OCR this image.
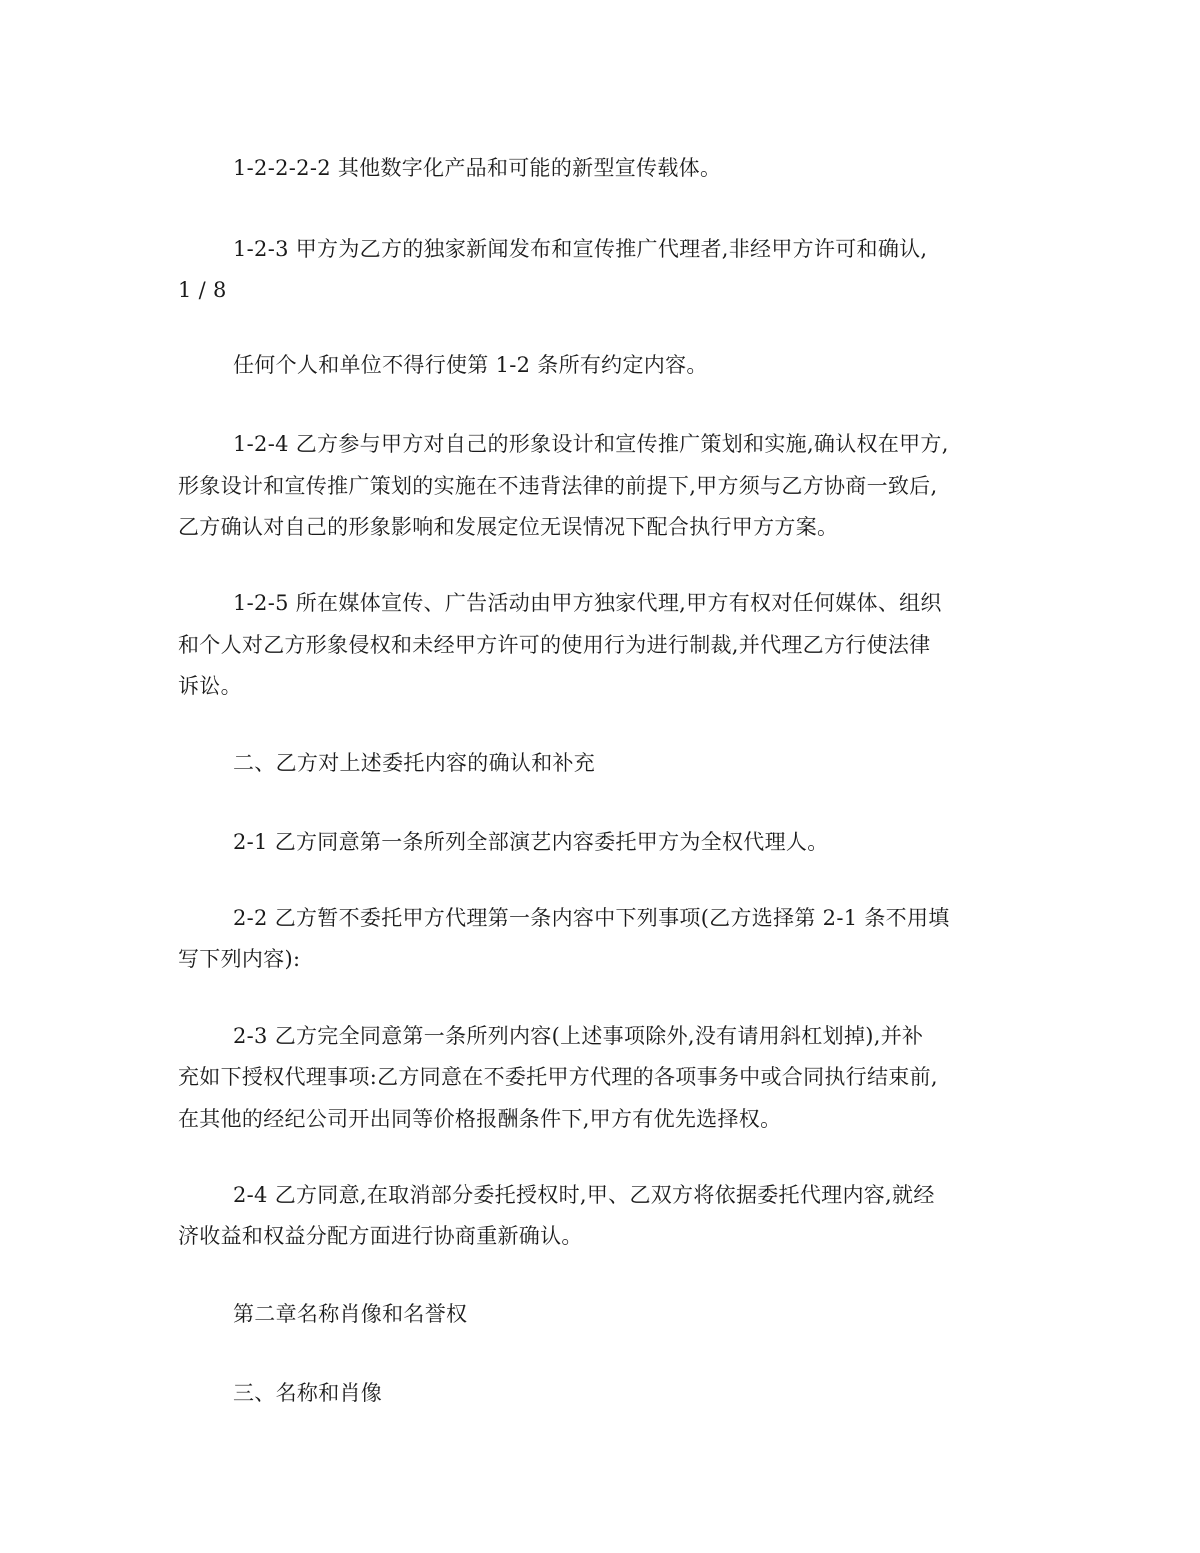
1-2-2-2-2 其他数字化产品和可能的新型宣传载体。
1-2-3 甲方为乙方的独家新闻发布和宣传推广代理者,非经甲方许可和确认,
1 / 8
任何个人和单位不得行使第 1-2 条所有约定内容。
1-2-4 乙方参与甲方对自己的形象设计和宣传推广策划和实施,确认权在甲方,
形象设计和宣传推广策划的实施在不违背法律的前提下,甲方须与乙方协商一致后,
乙方确认对自己的形象影响和发展定位无误情况下配合执行甲方方案。
1-2-5 所在媒体宣传、广告活动由甲方独家代理,甲方有权对任何媒体、组织
和个人对乙方形象侵权和未经甲方许可的使用行为进行制裁,并代理乙方行使法律
诉讼。
二、乙方对上述委托内容的确认和补充
2-1 乙方同意第一条所列全部演艺内容委托甲方为全权代理人。
2-2 乙方暂不委托甲方代理第一条内容中下列事项(乙方选择第 2-1 条不用填
写下列内容):
2-3 乙方完全同意第一条所列内容(上述事项除外,没有请用斜杠划掉),并补
充如下授权代理事项:乙方同意在不委托甲方代理的各项事务中或合同执行结束前,
在其他的经纪公司开出同等价格报酬条件下,甲方有优先选择权。
2-4 乙方同意,在取消部分委托授权时,甲、乙双方将依据委托代理内容,就经
济收益和权益分配方面进行协商重新确认。
第二章名称肖像和名誉权
三、名称和肖像
